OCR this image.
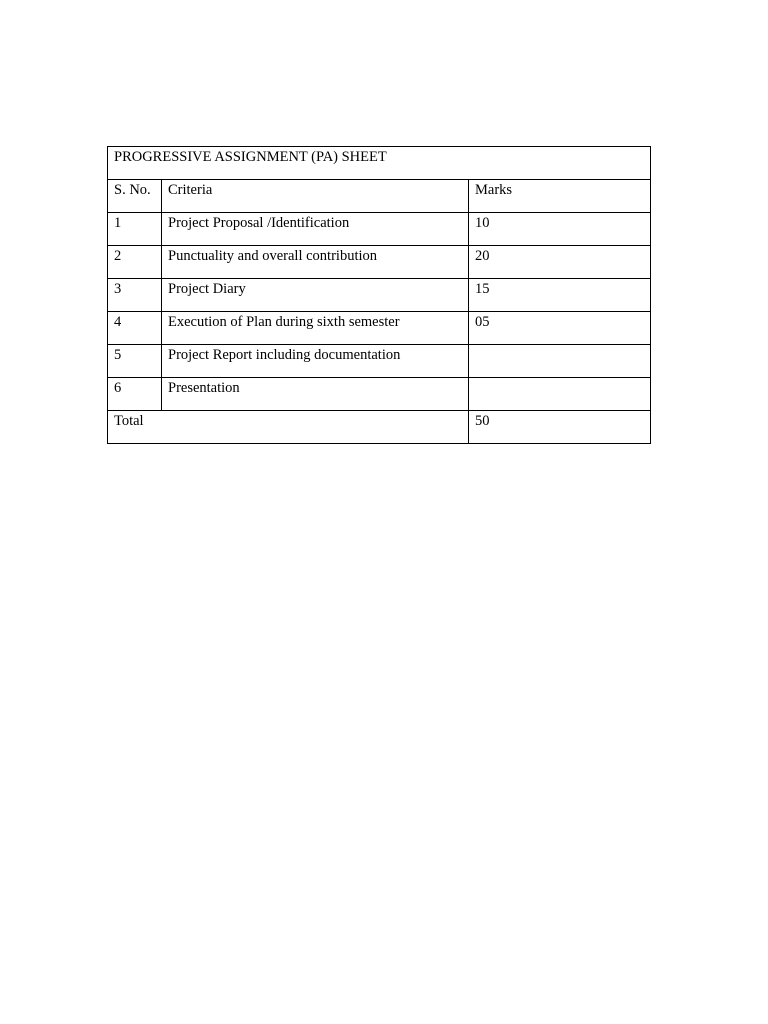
PROGRESSIVE ASSIGNMENT (PA) SHEET		
S. No.	Criteria	Marks
1	Project Proposal /Identification	10
2	Punctuality and overall contribution	20
3	Project Diary	15
4	Execution of Plan during sixth semester	05
5	Project Report including documentation	
6	Presentation	
Total		50
